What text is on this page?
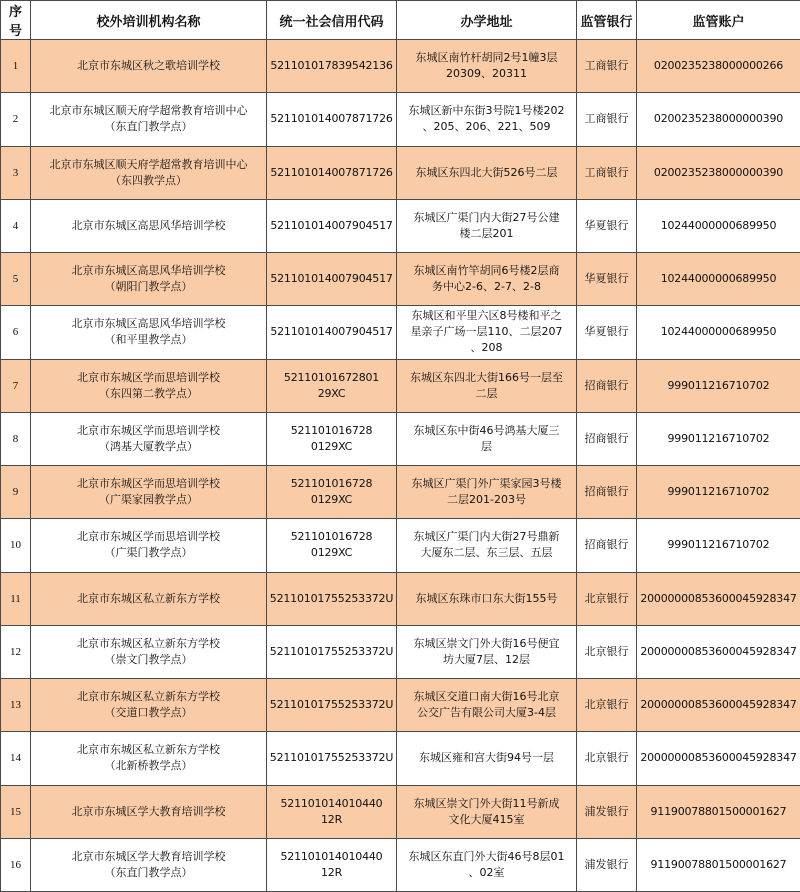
序号	校外培训机构名称	统一社会信用代码	办学地址	监管银行	监管账户
1	北京市东城区秋之歌培训学校	521101017839542136	东城区南竹杆胡同2号1幢3层
20309、20311	工商银行	0200235238000000266
2	北京市东城区顺天府学超常教育培训中心
（东直门教学点）	521101014007871726	东城区新中东街3号院1号楼202
、205、206、221、509	工商银行	0200235238000000390
3	北京市东城区顺天府学超常教育培训中心
（东四教学点）	521101014007871726	东城区东四北大街526号二层	工商银行	0200235238000000390
4	北京市东城区高思风华培训学校	521101014007904517	东城区广渠门内大街27号公建
楼二层201	华夏银行	10244000000689950
5	北京市东城区高思风华培训学校
（朝阳门教学点）	521101014007904517	东城区南竹竿胡同6号楼2层商
务中心2-6、2-7、2-8	华夏银行	10244000000689950
6	北京市东城区高思风华培训学校
（和平里教学点）	521101014007904517	东城区和平里六区8号楼和平之
星亲子广场一层110、二层207
、208	华夏银行	10244000000689950
7	北京市东城区学而思培训学校
（东四第二教学点）	52110101672801 29XC	东城区东四北大街166号一层至
二层	招商银行	999011216710702
8	北京市东城区学而思培训学校
（鸿基大厦教学点）	521101016728 0129XC	东城区东中街46号鸿基大厦三
层	招商银行	999011216710702
9	北京市东城区学而思培训学校
（广渠家园教学点）	521101016728 0129XC	东城区广渠门外广渠家园3号楼
二层201-203号	招商银行	999011216710702
10	北京市东城区学而思培训学校
（广渠门教学点）	521101016728 0129XC	东城区广渠门内大街27号鼎新
大厦东二层、东三层、五层	招商银行	999011216710702
11	北京市东城区私立新东方学校	52110101755253372U	东城区东珠市口东大街155号	北京银行	20000000853600045928347
12	北京市东城区私立新东方学校
（崇文门教学点）	52110101755253372U	东城区崇文门外大街16号便宜
坊大厦7层、12层	北京银行	20000000853600045928347
13	北京市东城区私立新东方学校
（交道口教学点）	52110101755253372U	东城区交道口南大街16号北京
公交广告有限公司大厦3-4层	北京银行	20000000853600045928347
14	北京市东城区私立新东方学校
（北新桥教学点）	52110101755253372U	东城区雍和宫大街94号一层	北京银行	20000000853600045928347
15	北京市东城区学大教育培训学校	521101014010440 12R	东城区崇文门外大街11号新成
文化大厦415室	浦发银行	91190078801500001627
16	北京市东城区学大教育培训学校
（东直门教学点）	521101014010440 12R	东城区东直门外大街46号8层01
、02室	浦发银行	91190078801500001627
